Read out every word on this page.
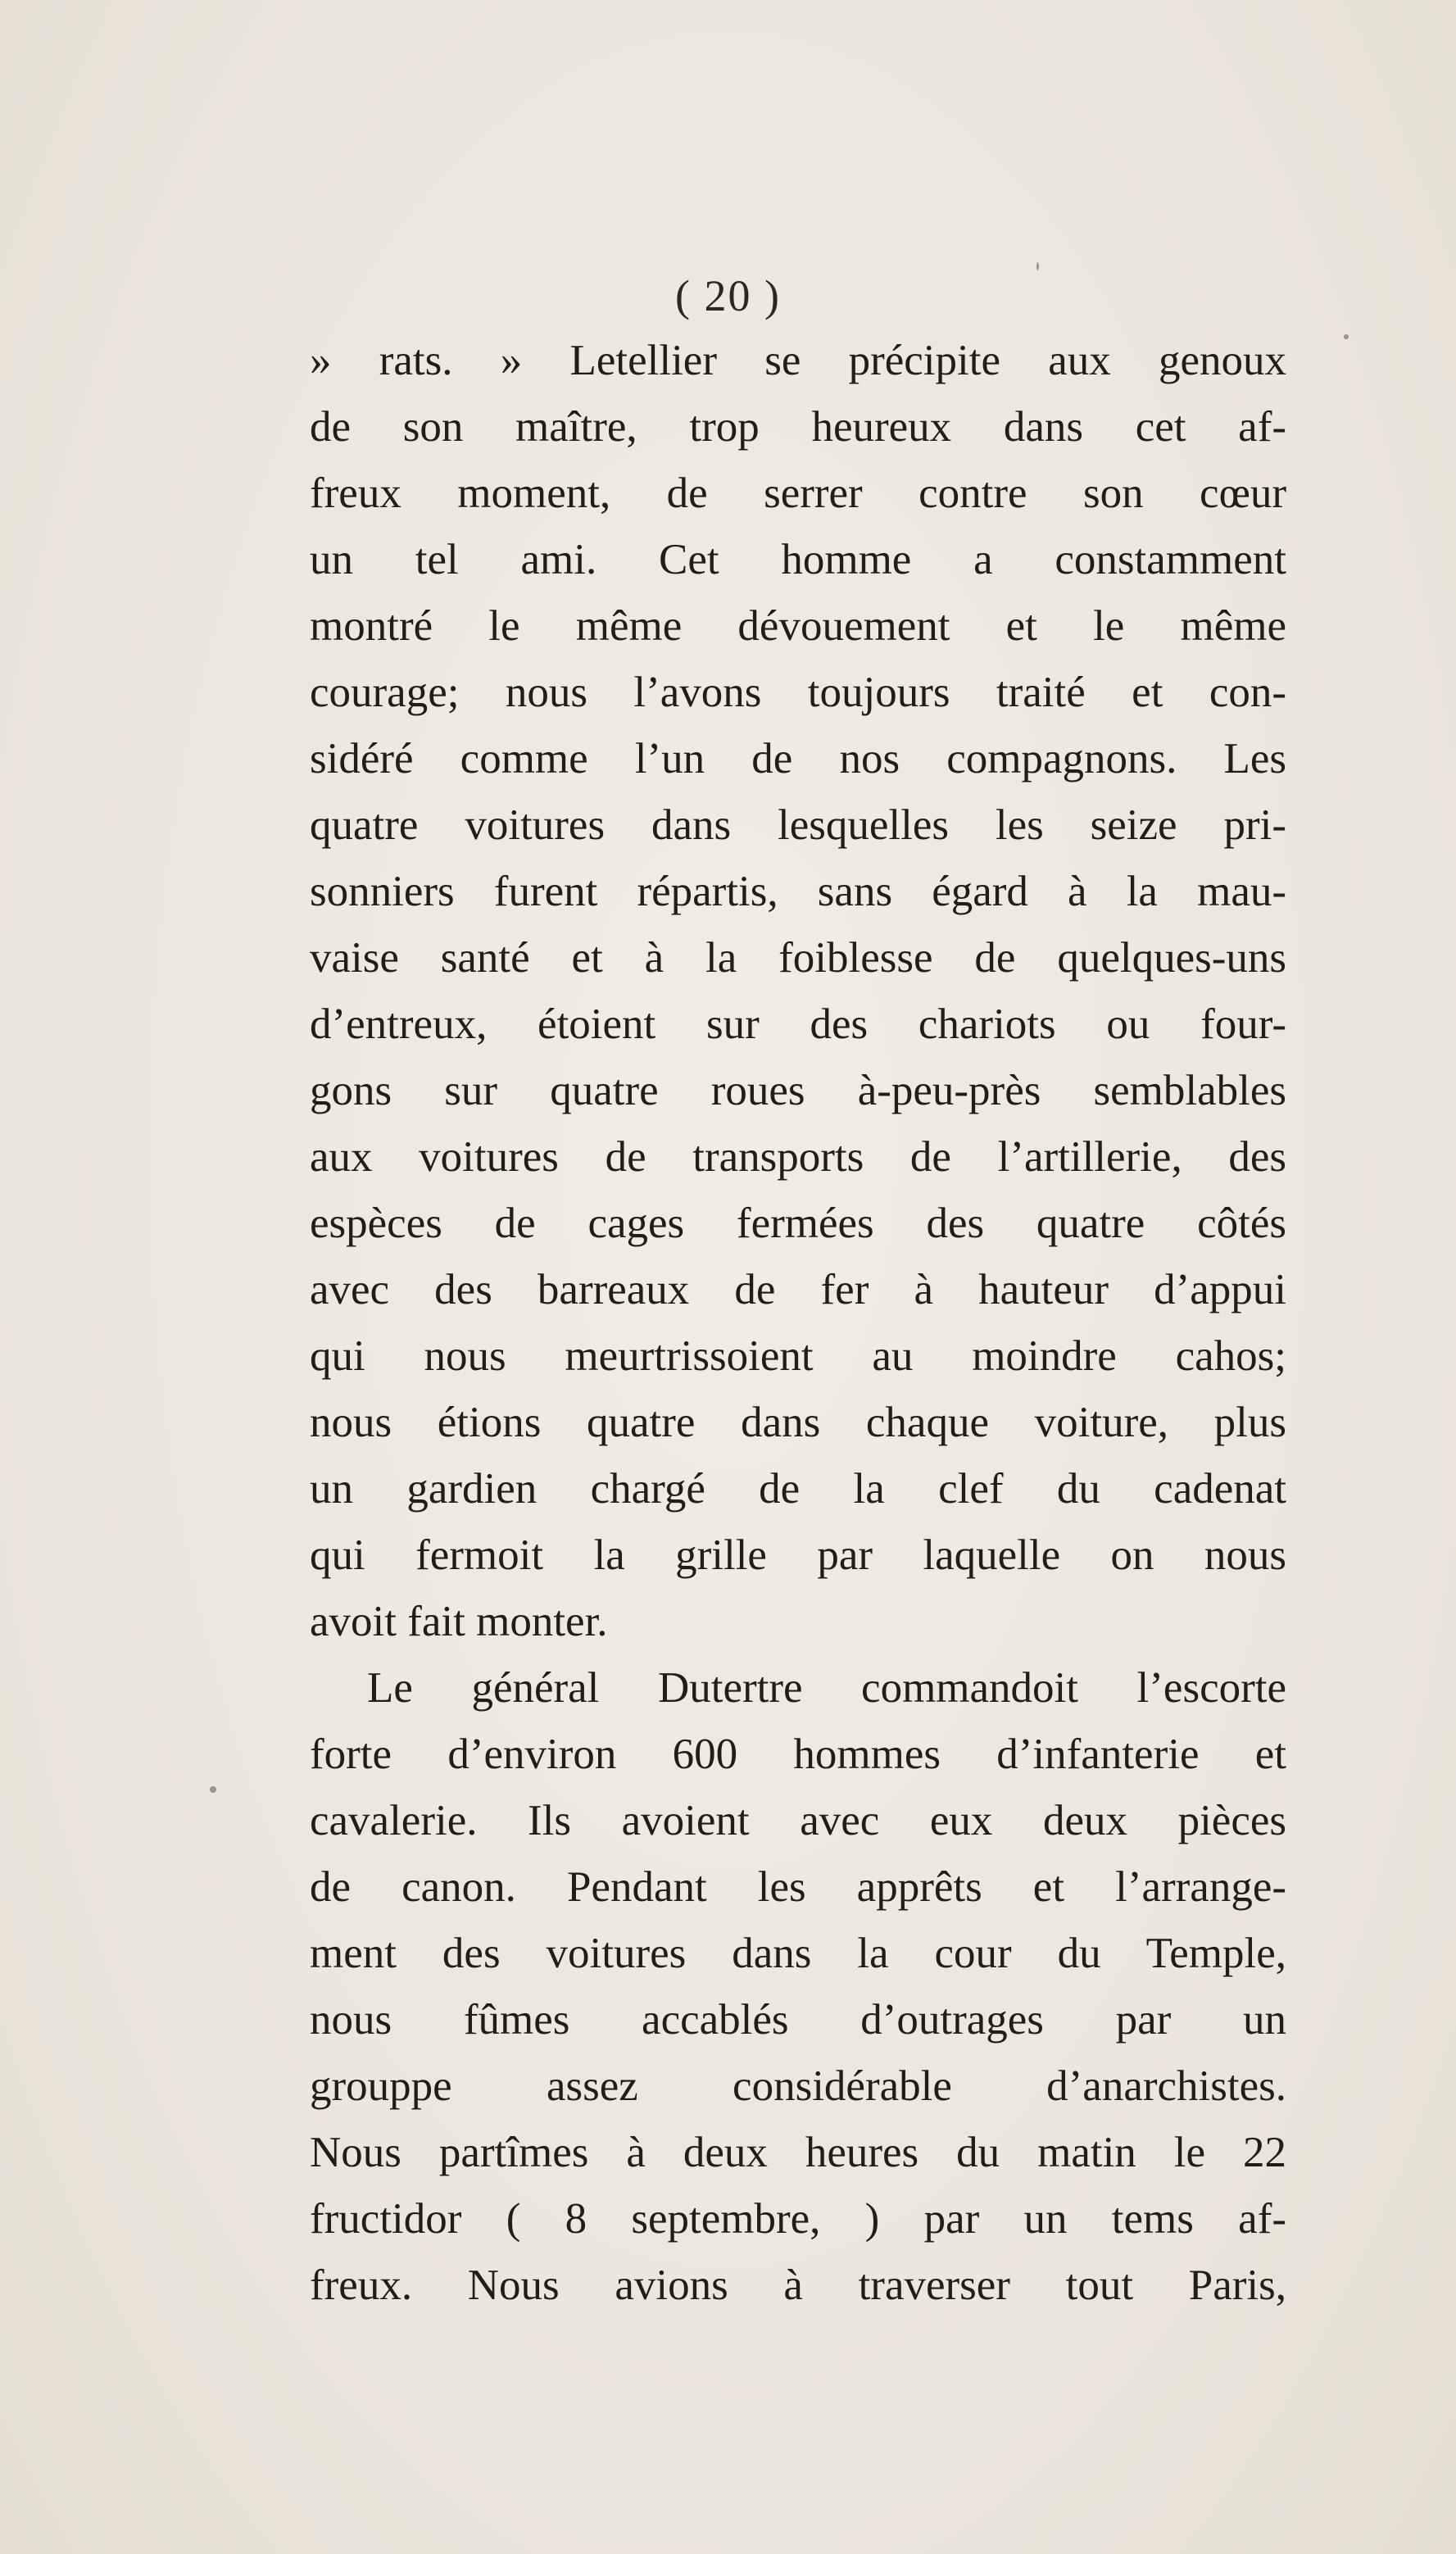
( 20 )
» rats. » Letellier se précipite aux genoux
de son maître, trop heureux dans cet af-
freux moment, de serrer contre son cœur
un tel ami. Cet homme a constamment
montré le même dévouement et le même
courage; nous l’avons toujours traité et con-
sidéré comme l’un de nos compagnons. Les
quatre voitures dans lesquelles les seize pri-
sonniers furent répartis, sans égard à la mau-
vaise santé et à la foiblesse de quelques-uns
d’entreux, étoient sur des chariots ou four-
gons sur quatre roues à-peu-près semblables
aux voitures de transports de l’artillerie, des
espèces de cages fermées des quatre côtés
avec des barreaux de fer à hauteur d’appui
qui nous meurtrissoient au moindre cahos;
nous étions quatre dans chaque voiture, plus
un gardien chargé de la clef du cadenat
qui fermoit la grille par laquelle on nous
avoit fait monter.
Le général Dutertre commandoit l’escorte
forte d’environ 600 hommes d’infanterie et
cavalerie. Ils avoient avec eux deux pièces
de canon. Pendant les apprêts et l’arrange-
ment des voitures dans la cour du Temple,
nous fûmes accablés d’outrages par un
grouppe assez considérable d’anarchistes.
Nous partîmes à deux heures du matin le 22
fructidor ( 8 septembre, ) par un tems af-
freux. Nous avions à traverser tout Paris,
